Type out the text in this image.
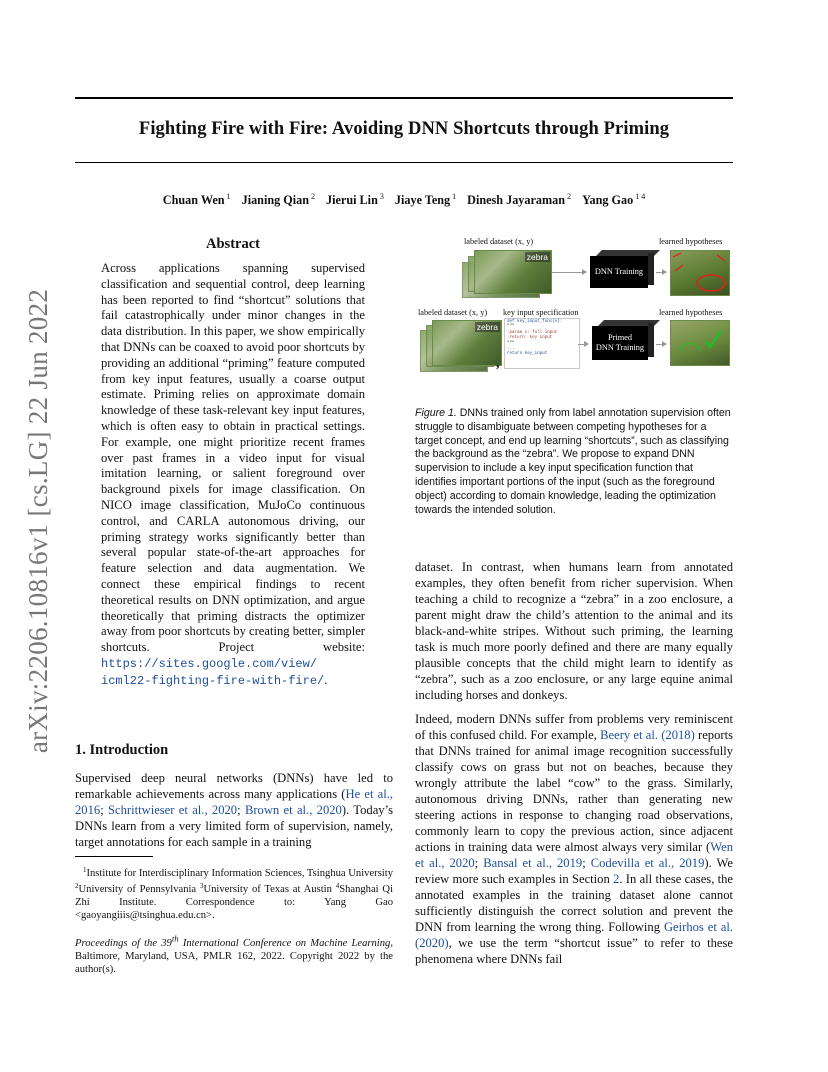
Fighting Fire with Fire: Avoiding DNN Shortcuts through Priming
Chuan Wen $^1$ Jianing Qian $^2$ Jierui Lin $^3$ Jiaye Teng $^1$ Dinesh Jayaraman $^2$ Yang Gao $^{1 4}$
arXiv:2206.10816v1 [cs.LG] 22 Jun 2022
Abstract
Across applications spanning supervised classification and sequential control, deep learning has been reported to find “shortcut” solutions that fail catastrophically under minor changes in the data distribution. In this paper, we show empirically that DNNs can be coaxed to avoid poor shortcuts by providing an additional “priming” feature computed from key input features, usually a coarse output estimate. Priming relies on approximate domain knowledge of these task-relevant key input features, which is often easy to obtain in practical settings. For example, one might prioritize recent frames over past frames in a video input for visual imitation learning, or salient foreground over background pixels for image classification. On NICO image classification, MuJoCo continuous control, and CARLA autonomous driving, our priming strategy works significantly better than several popular state-of-the-art approaches for feature selection and data augmentation. We connect these empirical findings to recent theoretical results on DNN optimization, and argue theoretically that priming distracts the optimizer away from poor shortcuts by creating better, simpler shortcuts. Project website: https://sites.google.com/view/ icml22-fighting-fire-with-fire/.
labeled dataset (x, y)	learned hypotheses
zebra
DNN Training
labeled dataset (x, y) key input specification	learned hypotheses
zebra
,
def key_input_func(x):
"""
:param x: full input
:return: key input
"""
...
return key_input
Primed
DNN Training
Figure 1. DNNs trained only from label annotation supervision often struggle to disambiguate between competing hypotheses for a target concept, and end up learning “shortcuts”, such as classifying the background as the “zebra”. We propose to expand DNN supervision to include a key input specification function that identifies important portions of the input (such as the foreground object) according to domain knowledge, leading the optimization towards the intended solution.
1. Introduction
Supervised deep neural networks (DNNs) have led to remarkable achievements across many applications (He et al., 2016; Schrittwieser et al., 2020; Brown et al., 2020). Today’s DNNs learn from a very limited form of supervision, namely, target annotations for each sample in a training
$^1$Institute for Interdisciplinary Information Sciences, Tsinghua University $^2$University of Pennsylvania $^3$University of Texas at Austin $^4$Shanghai Qi Zhi Institute. Correspondence to: Yang Gao <gaoyangiiis@tsinghua.edu.cn>.
Proceedings of the 39th International Conference on Machine Learning, Baltimore, Maryland, USA, PMLR 162, 2022. Copyright 2022 by the author(s).
dataset. In contrast, when humans learn from annotated examples, they often benefit from richer supervision. When teaching a child to recognize a “zebra” in a zoo enclosure, a parent might draw the child’s attention to the animal and its black-and-white stripes. Without such priming, the learning task is much more poorly defined and there are many equally plausible concepts that the child might learn to identify as “zebra”, such as a zoo enclosure, or any large equine animal including horses and donkeys.
Indeed, modern DNNs suffer from problems very reminiscent of this confused child. For example, Beery et al. (2018) reports that DNNs trained for animal image recognition successfully classify cows on grass but not on beaches, because they wrongly attribute the label “cow” to the grass. Similarly, autonomous driving DNNs, rather than generating new steering actions in response to changing road observations, commonly learn to copy the previous action, since adjacent actions in training data were almost always very similar (Wen et al., 2020; Bansal et al., 2019; Codevilla et al., 2019). We review more such examples in Section 2. In all these cases, the annotated examples in the training dataset alone cannot sufficiently distinguish the correct solution and prevent the DNN from learning the wrong thing. Following Geirhos et al. (2020), we use the term “shortcut issue” to refer to these phenomena where DNNs fail
